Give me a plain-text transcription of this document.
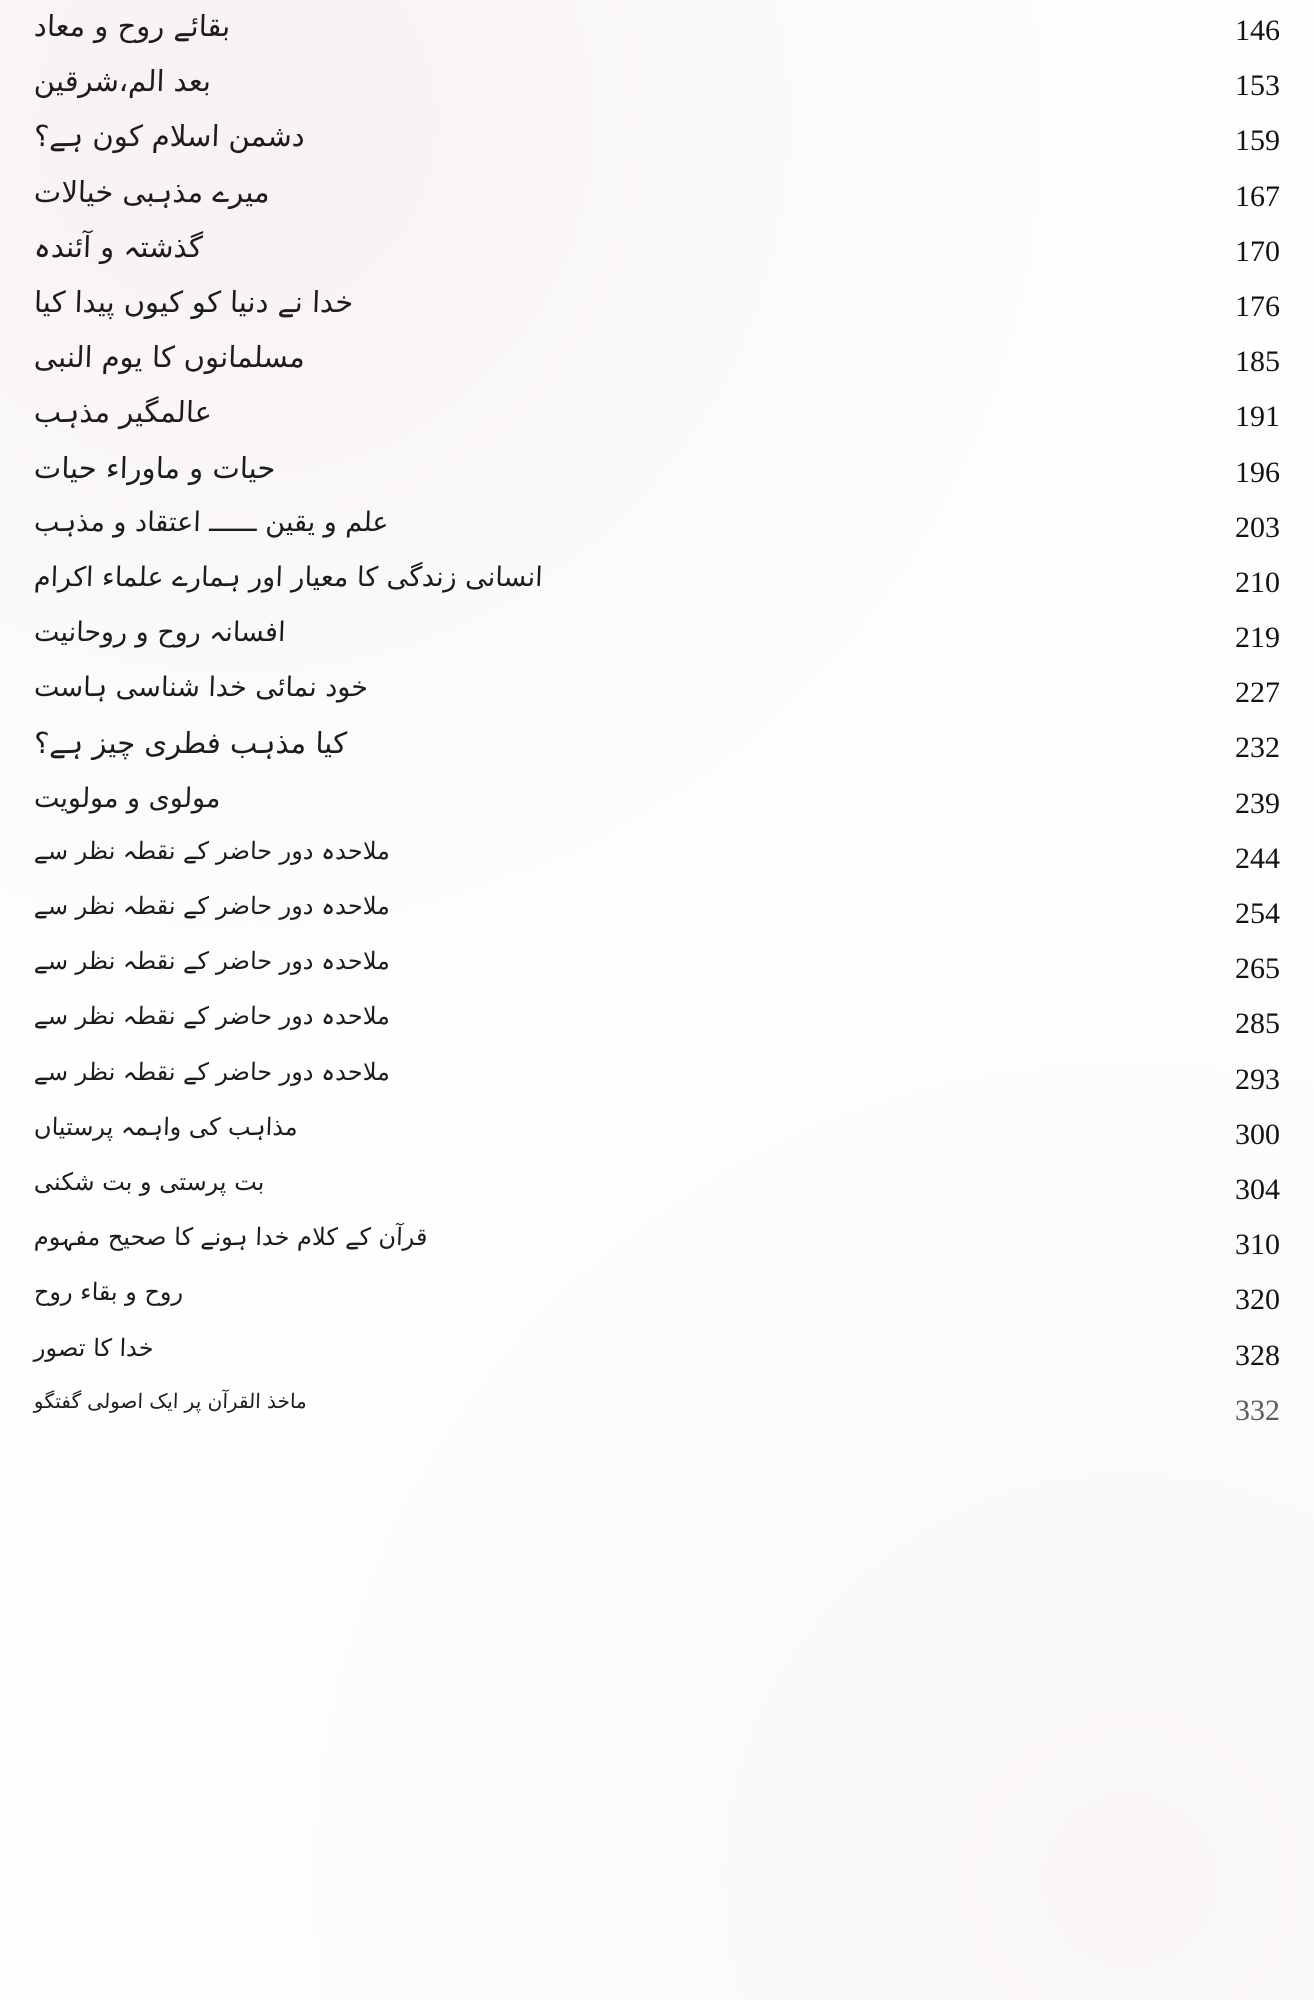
146
بقائے روح و معاد
153
بعد الم،شرقین
159
دشمن اسلام کون ہے؟
167
میرے مذہبی خیالات
170
گذشتہ و آئندہ
176
خدا نے دنیا کو کیوں پیدا کیا
185
مسلمانوں کا یوم النبی
191
عالمگیر مذہب
196
حیات و ماوراء حیات
203
علم و یقین ــــــ اعتقاد و مذہب
210
انسانی زندگی کا معیار اور ہمارے علماء اکرام
219
افسانہ روح و روحانیت
227
خود نمائی خدا شناسی ہاست
232
کیا مذہب فطری چیز ہے؟
239
مولوی و مولویت
244
ملاحدہ دور حاضر کے نقطہ نظر سے
254
ملاحدہ دور حاضر کے نقطہ نظر سے
265
ملاحدہ دور حاضر کے نقطہ نظر سے
285
ملاحدہ دور حاضر کے نقطہ نظر سے
293
ملاحدہ دور حاضر کے نقطہ نظر سے
300
مذاہب کی واہمہ پرستیاں
304
بت پرستی و بت شکنی
310
قرآن کے کلام خدا ہونے کا صحیح مفہوم
320
روح و بقاء روح
328
خدا کا تصور
332
ماخذ القرآن پر ایک اصولی گفتگو
